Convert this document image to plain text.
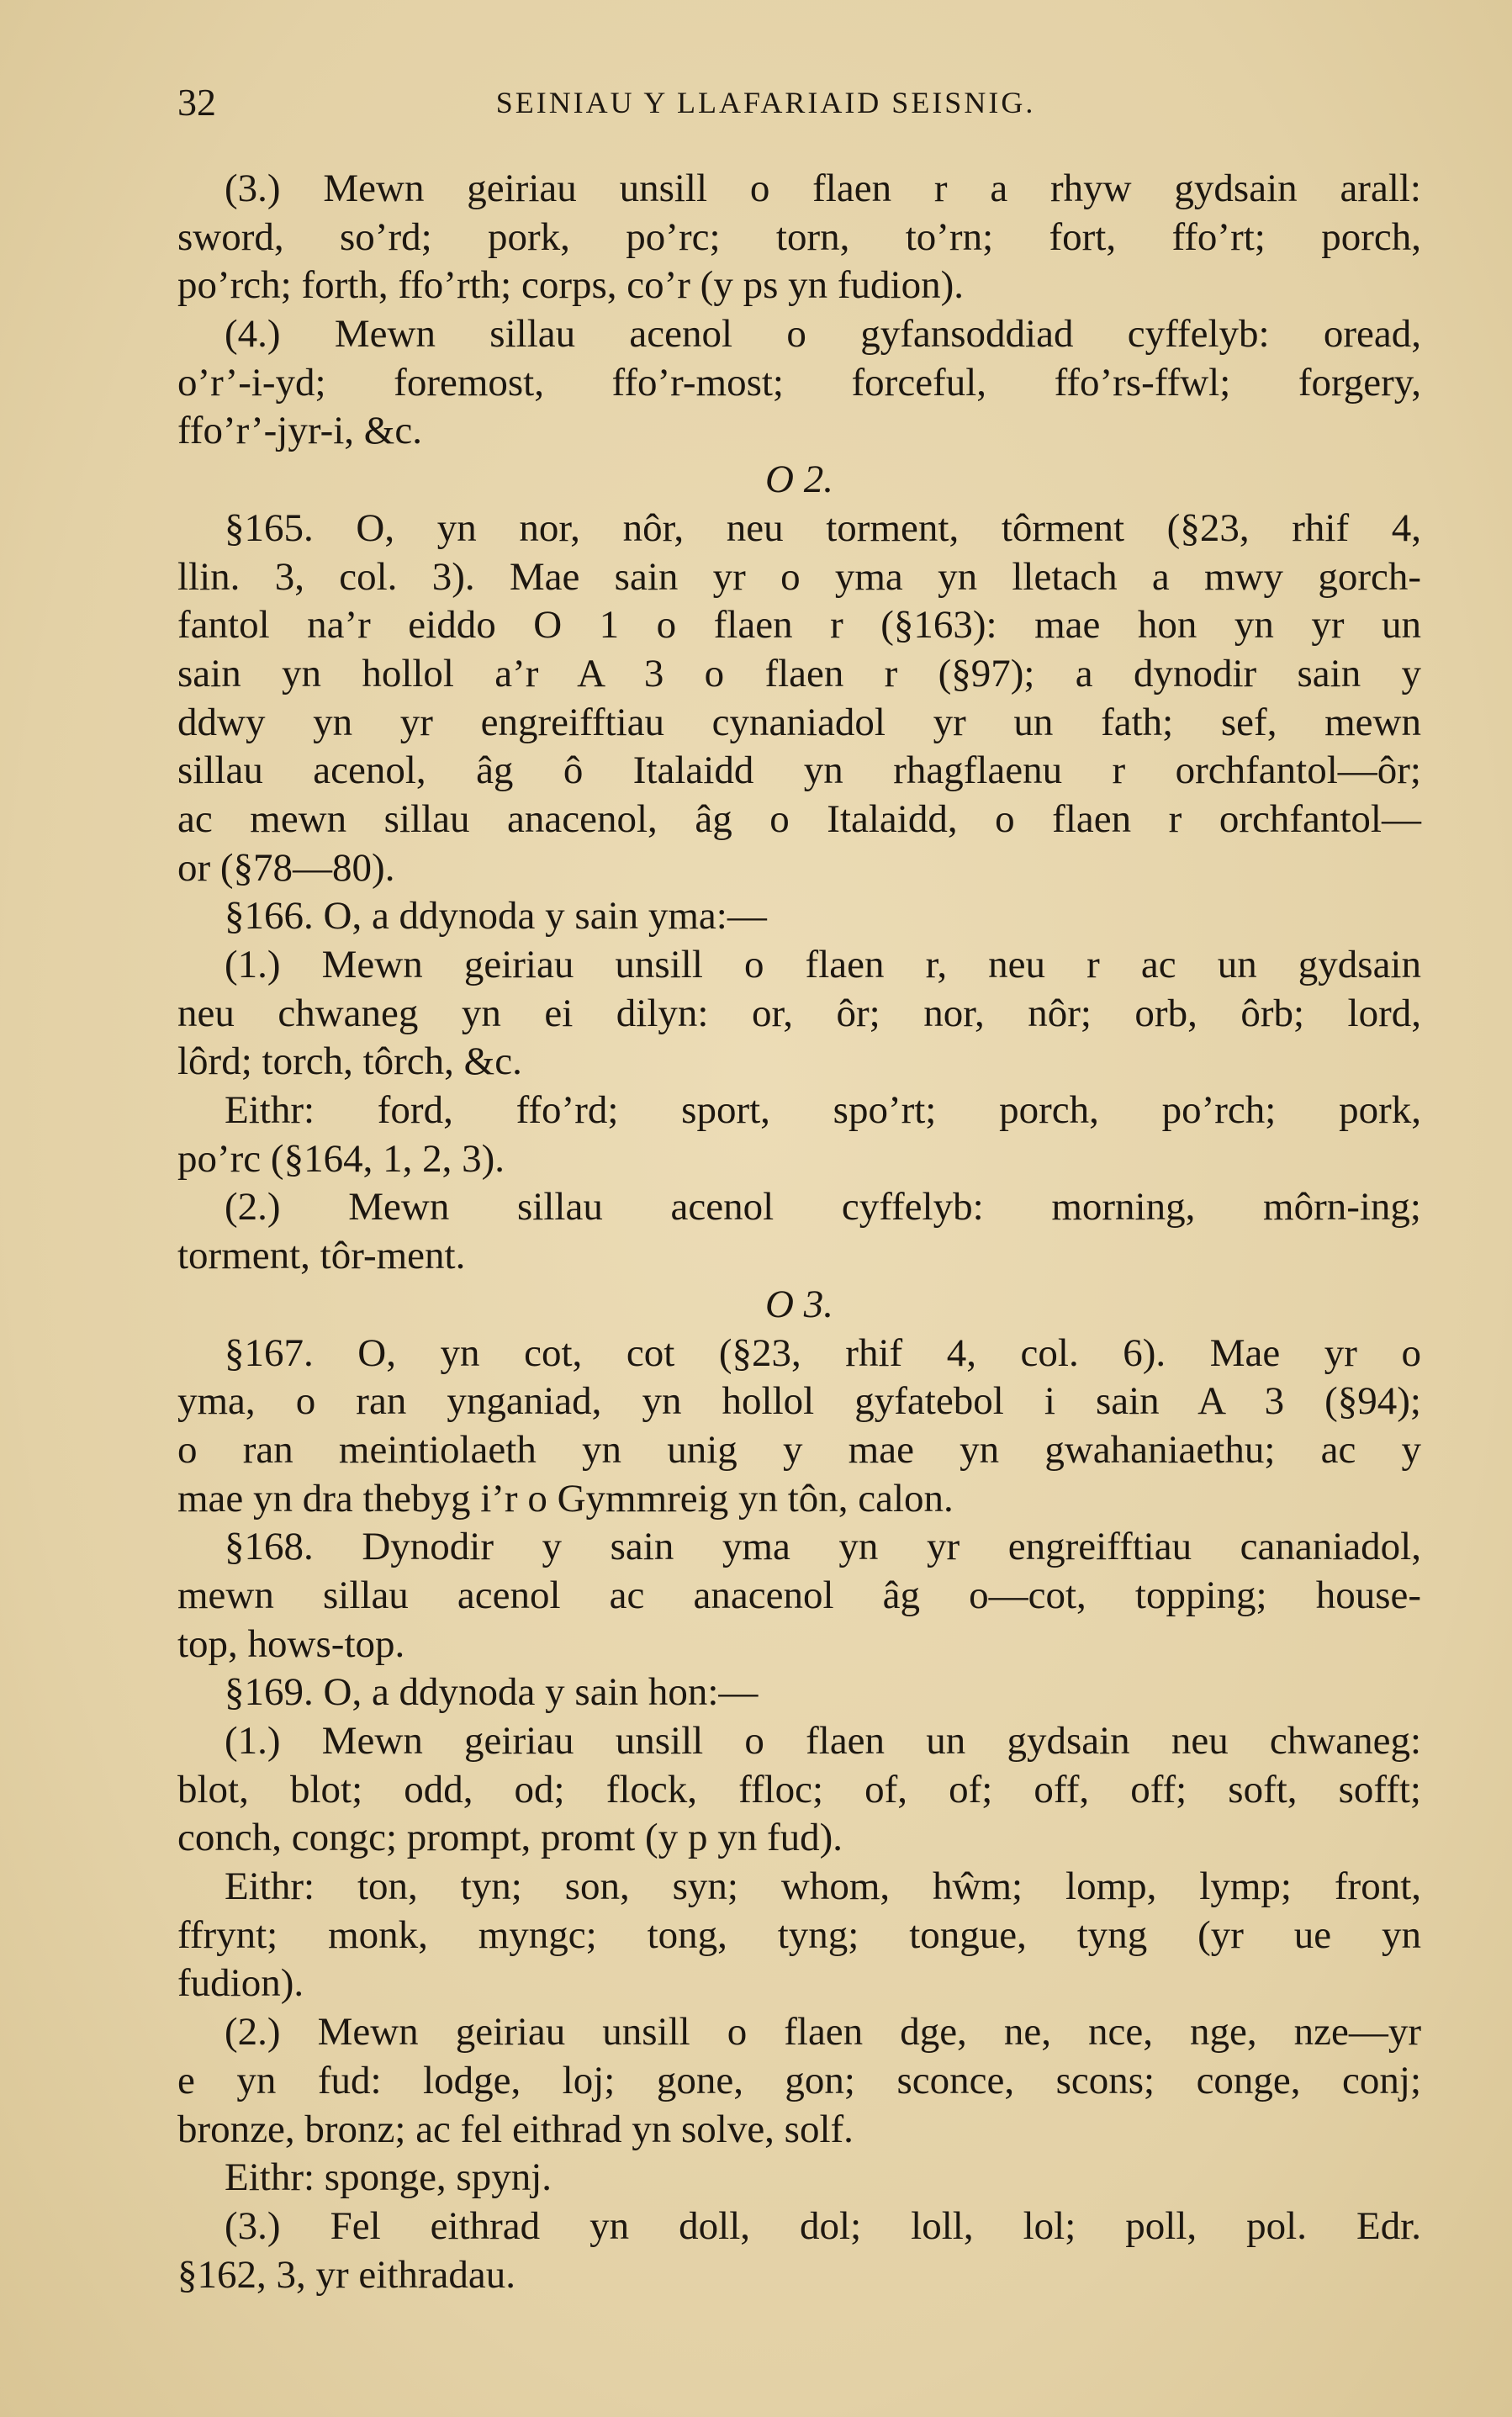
32	SEINIAU Y LLAFARIAID SEISNIG.
(3.) Mewn geiriau unsill o flaen r a rhyw gydsain arall:
sword, so’rd; pork, po’rc; torn, to’rn; fort, ffo’rt; porch,
po’rch; forth, ffo’rth; corps, co’r (y ps yn fudion).
(4.) Mewn sillau acenol o gyfansoddiad cyffelyb: oread,
o’r’-i-yd; foremost, ffo’r-most; forceful, ffo’rs-ffwl; forgery,
ffo’r’-jyr-i, &c.
O 2.
§165. O, yn nor, nôr, neu torment, tôrment (§23, rhif 4,
llin. 3, col. 3). Mae sain yr o yma yn lletach a mwy gorch-
fantol na’r eiddo O 1 o flaen r (§163): mae hon yn yr un
sain yn hollol a’r A 3 o flaen r (§97); a dynodir sain y
ddwy yn yr engreifftiau cynaniadol yr un fath; sef, mewn
sillau acenol, âg ô Italaidd yn rhagflaenu r orchfantol—ôr;
ac mewn sillau anacenol, âg o Italaidd, o flaen r orchfantol—
or (§78—80).
§166. O, a ddynoda y sain yma:—
(1.) Mewn geiriau unsill o flaen r, neu r ac un gydsain
neu chwaneg yn ei dilyn: or, ôr; nor, nôr; orb, ôrb; lord,
lôrd; torch, tôrch, &c.
Eithr: ford, ffo’rd; sport, spo’rt; porch, po’rch; pork,
po’rc (§164, 1, 2, 3).
(2.) Mewn sillau acenol cyffelyb: morning, môrn-ing;
torment, tôr-ment.
O 3.
§167. O, yn cot, cot (§23, rhif 4, col. 6). Mae yr o
yma, o ran ynganiad, yn hollol gyfatebol i sain A 3 (§94);
o ran meintiolaeth yn unig y mae yn gwahaniaethu; ac y
mae yn dra thebyg i’r o Gymmreig yn tôn, calon.
§168. Dynodir y sain yma yn yr engreifftiau cananiadol,
mewn sillau acenol ac anacenol âg o—cot, topping; house-
top, hows-top.
§169. O, a ddynoda y sain hon:—
(1.) Mewn geiriau unsill o flaen un gydsain neu chwaneg:
blot, blot; odd, od; flock, ffloc; of, of; off, off; soft, sofft;
conch, congc; prompt, promt (y p yn fud).
Eithr: ton, tyn; son, syn; whom, hŵm; lomp, lymp; front,
ffrynt; monk, myngc; tong, tyng; tongue, tyng (yr ue yn
fudion).
(2.) Mewn geiriau unsill o flaen dge, ne, nce, nge, nze—yr
e yn fud: lodge, loj; gone, gon; sconce, scons; conge, conj;
bronze, bronz; ac fel eithrad yn solve, solf.
Eithr: sponge, spynj.
(3.) Fel eithrad yn doll, dol; loll, lol; poll, pol. Edr.
§162, 3, yr eithradau.
